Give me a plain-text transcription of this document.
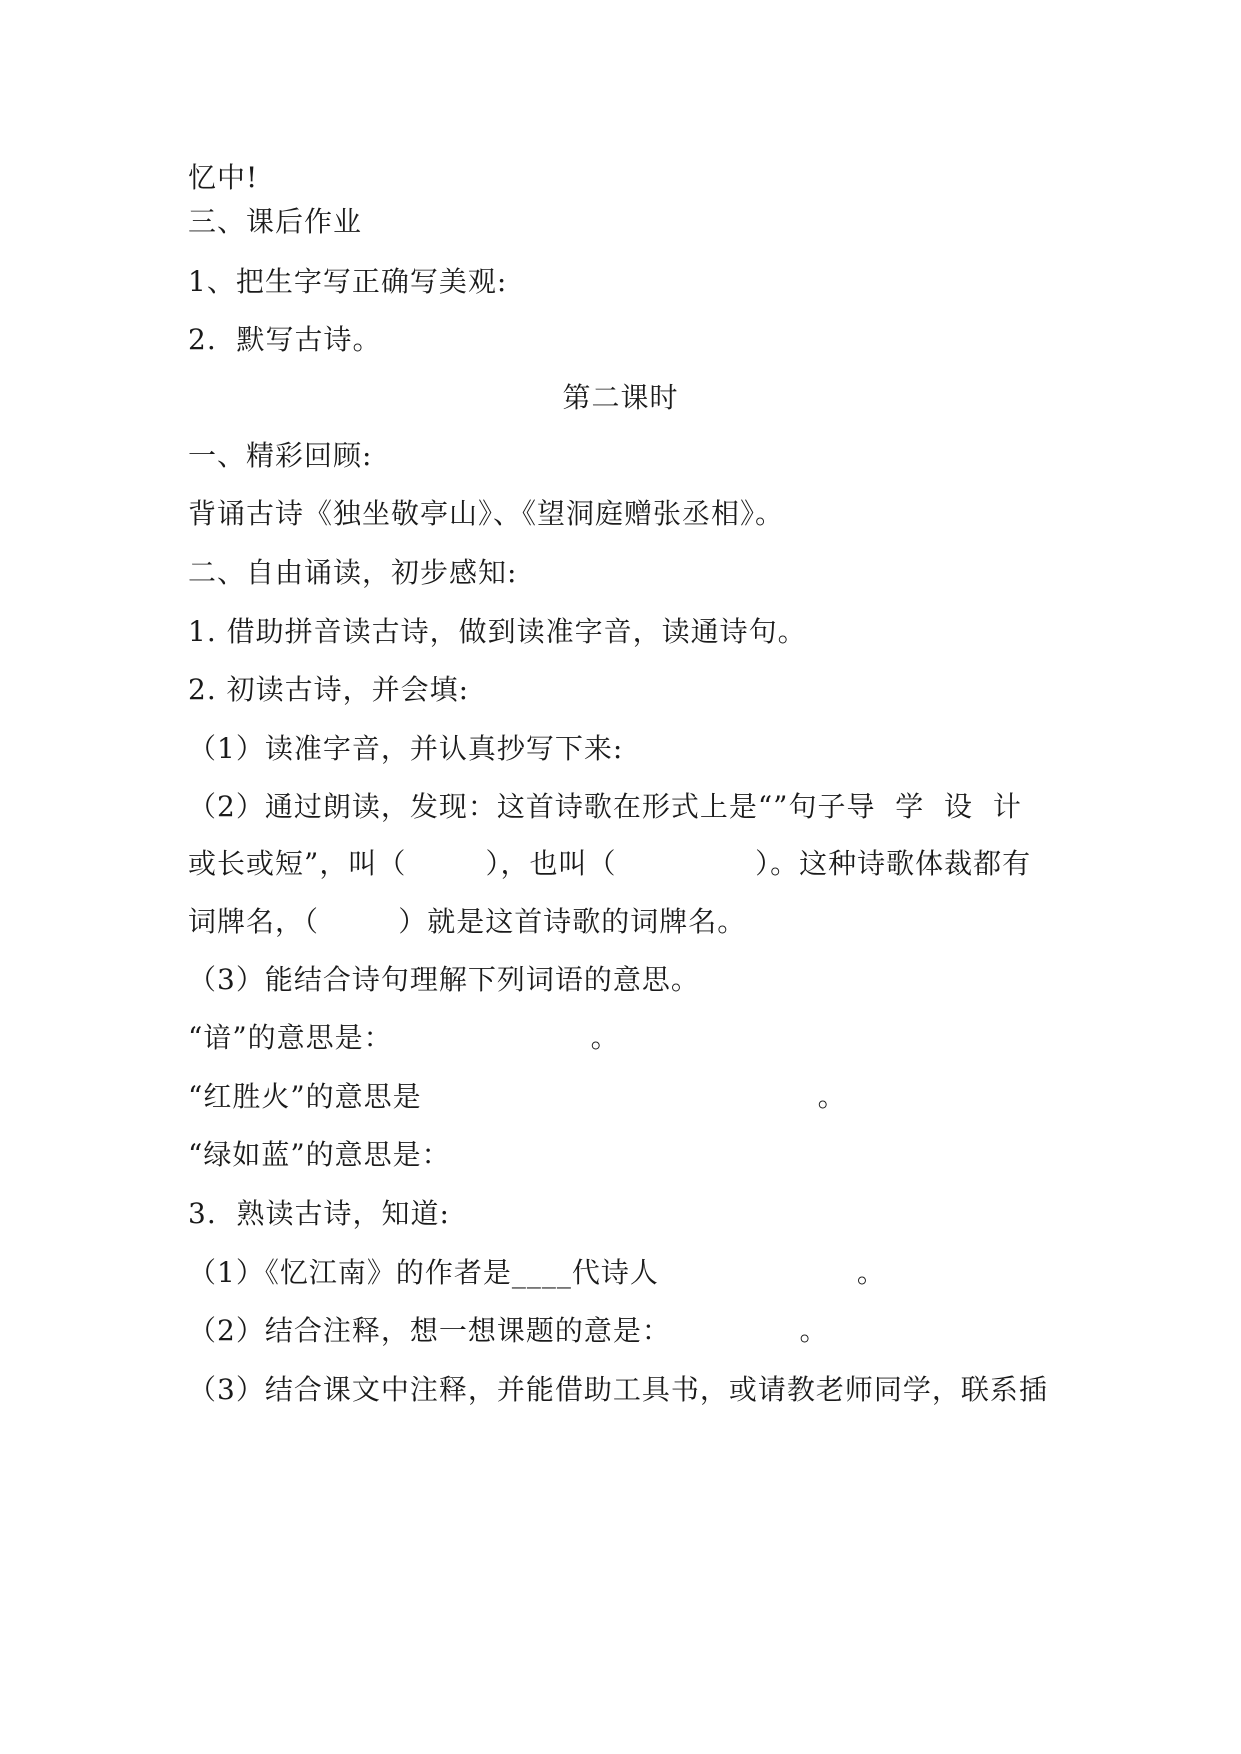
忆中!
三、课后作业
1、把生字写正确写美观:
2.  默写古诗。
第二课时
一、精彩回顾:
背诵古诗《独坐敬亭山》、《望洞庭赠张丞相》。
二、自由诵读，初步感知:
1. 借助拼音读古诗，做到读准字音，读通诗句。
2. 初读古诗，并会填:
（1）读准字音，并认真抄写下来:
（2）通过朗读，发现：这首诗歌在形式上是“”句子导  学  设  计
或长或短”，叫（        ），也叫（              ）。这种诗歌体裁都有
词牌名，（        ）就是这首诗歌的词牌名。
（3）能结合诗句理解下列词语的意思。
“谙”的意思是：                    。
“红胜火”的意思是                                        。
“绿如蓝”的意思是：
3.  熟读古诗，知道:
（1）《忆江南》的作者是____代诗人                    。
（2）结合注释，想一想课题的意是：             。
（3）结合课文中注释，并能借助工具书，或请教老师同学，联系插
